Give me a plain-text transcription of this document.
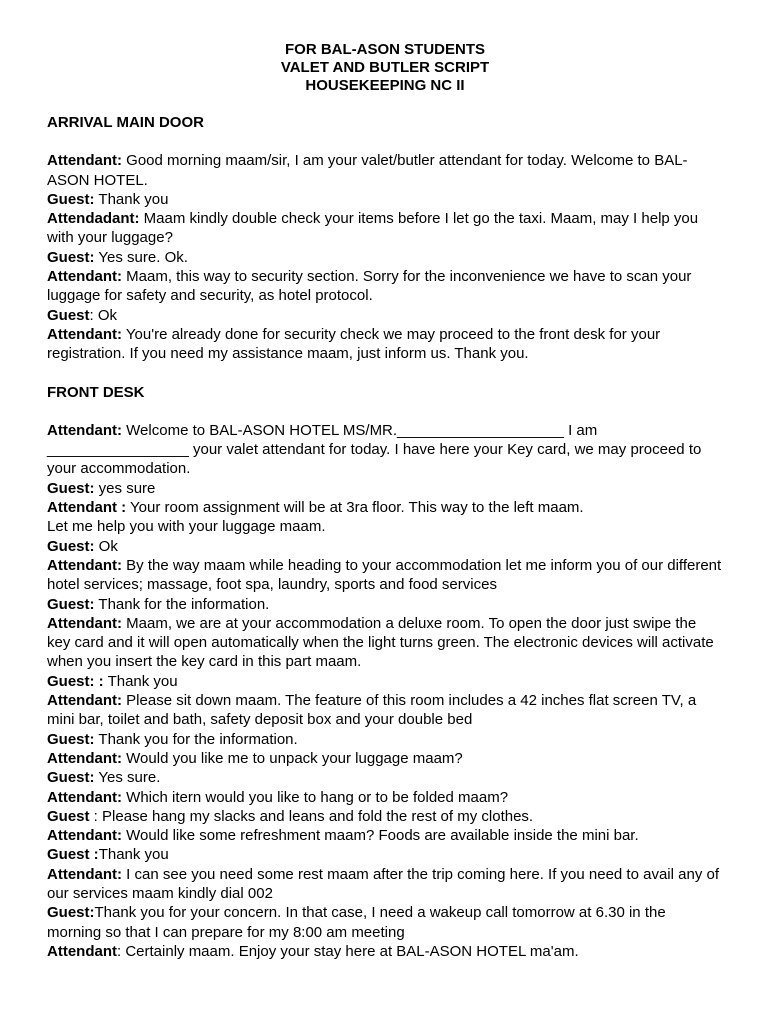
FOR BAL-ASON STUDENTS
VALET AND BUTLER SCRIPT
HOUSEKEEPING NC II
ARRIVAL MAIN DOOR
Attendant: Good morning maam/sir, I am your valet/butler attendant for today. Welcome to BAL-ASON HOTEL.
Guest: Thank you
Attendadant: Maam kindly double check your items before I let go the taxi. Maam, may I help you with your luggage?
Guest: Yes sure. Ok.
Attendant: Maam, this way to security section. Sorry for the inconvenience we have to scan your luggage for safety and security, as hotel protocol.
Guest: Ok
Attendant: You're already done for security check we may proceed to the front desk for your registration. If you need my assistance maam, just inform us. Thank you.
FRONT DESK
Attendant: Welcome to BAL-ASON HOTEL MS/MR.____________________ I am _________________ your valet attendant for today. I have here your Key card, we may proceed to your accommodation.
Guest: yes sure
Attendant : Your room assignment will be at 3ra floor. This way to the left maam.
Let me help you with your luggage maam.
Guest: Ok
Attendant: By the way maam while heading to your accommodation let me inform you of our different hotel services; massage, foot spa, laundry, sports and food services
Guest: Thank for the information.
Attendant: Maam, we are at your accommodation a deluxe room. To open the door just swipe the key card and it will open automatically when the light turns green. The electronic devices will activate when you insert the key card in this part maam.
Guest: : Thank you
Attendant: Please sit down maam. The feature of this room includes a 42 inches flat screen TV, a mini bar, toilet and bath, safety deposit box and your double bed
Guest: Thank you for the information.
Attendant: Would you like me to unpack your luggage maam?
Guest: Yes sure.
Attendant: Which itern would you like to hang or to be folded maam?
Guest : Please hang my slacks and leans and fold the rest of my clothes.
Attendant: Would like some refreshment maam? Foods are available inside the mini bar.
Guest :Thank you
Attendant: I can see you need some rest maam after the trip coming here. If you need to avail any of our services maam kindly dial 002
Guest:Thank you for your concern. In that case, I need a wakeup call tomorrow at 6.30 in the morning so that I can prepare for my 8:00 am meeting
Attendant: Certainly maam. Enjoy your stay here at BAL-ASON HOTEL ma'am.
